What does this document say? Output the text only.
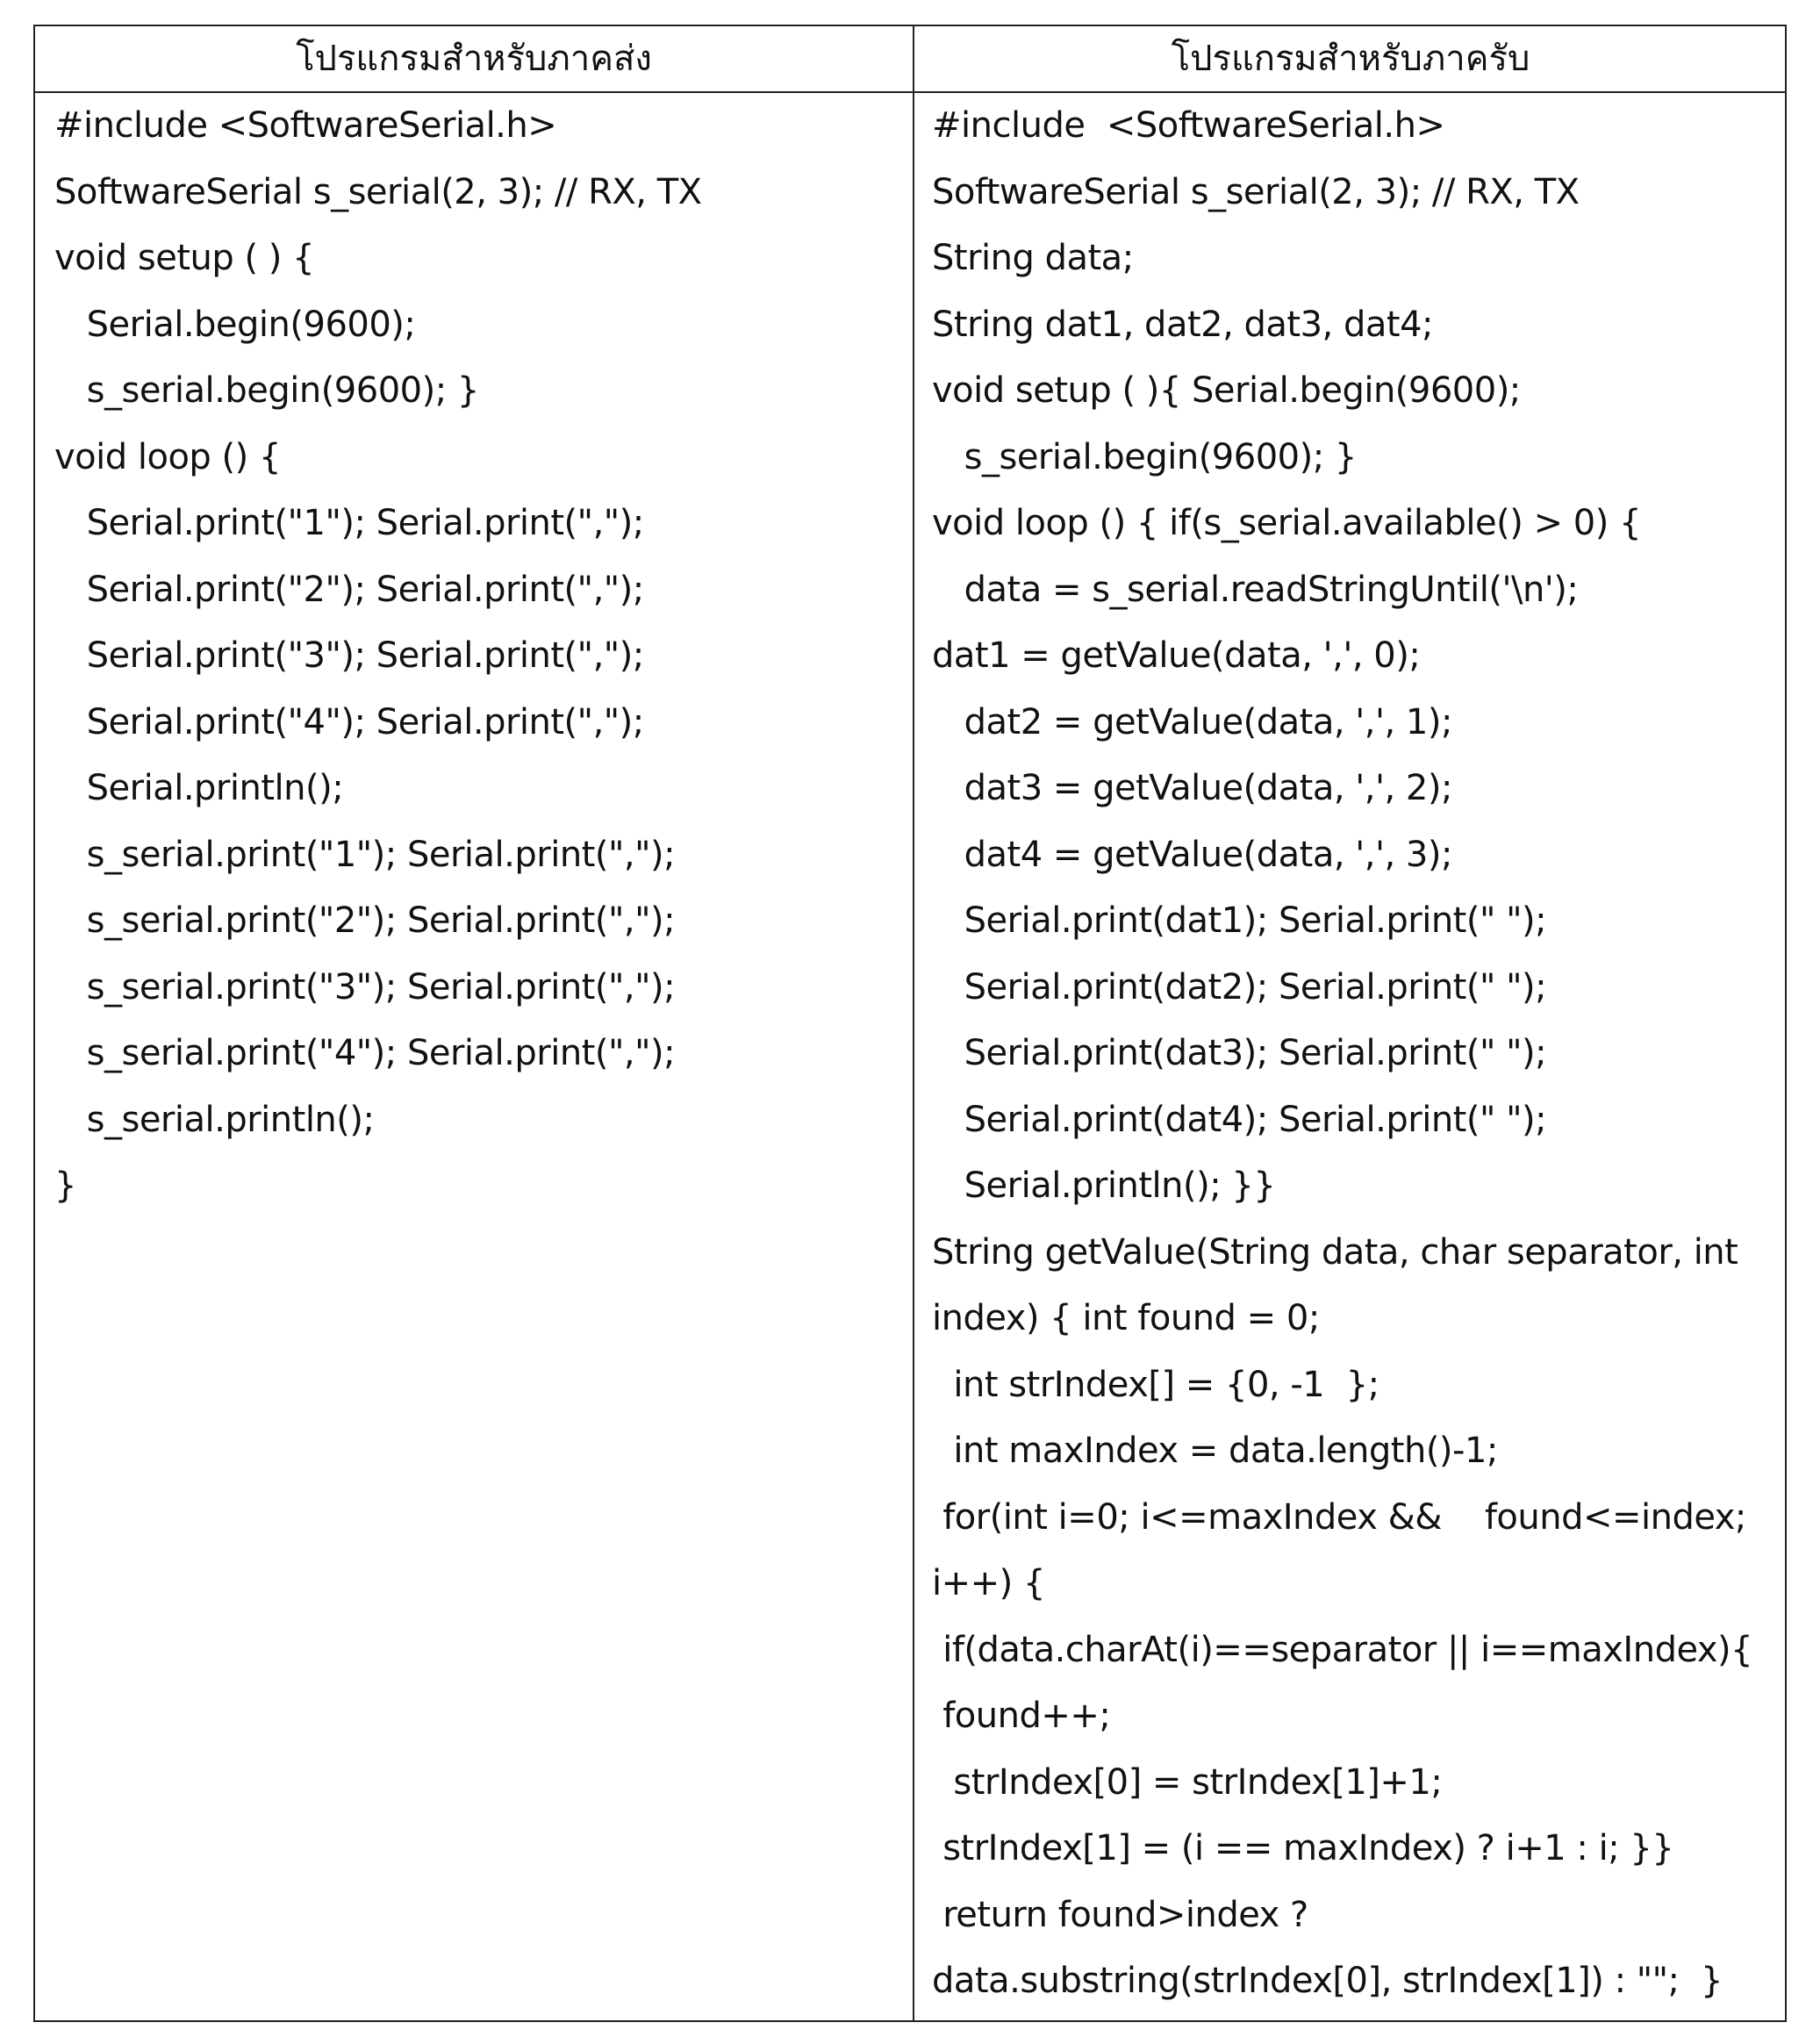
โปรแกรมสำหรับภาคส่ง	โปรแกรมสำหรับภาครับ
#include <SoftwareSerial.h>
SoftwareSerial s_serial(2, 3); // RX, TX
void setup ( ) {
Serial.begin(9600);
s_serial.begin(9600); }
void loop () {
Serial.print("1"); Serial.print(",");
Serial.print("2"); Serial.print(",");
Serial.print("3"); Serial.print(",");
Serial.print("4"); Serial.print(",");
Serial.println();
s_serial.print("1"); Serial.print(",");
s_serial.print("2"); Serial.print(",");
s_serial.print("3"); Serial.print(",");
s_serial.print("4"); Serial.print(",");
s_serial.println();
}
#include  <SoftwareSerial.h>
SoftwareSerial s_serial(2, 3); // RX, TX
String data;
String dat1, dat2, dat3, dat4;
void setup ( ){ Serial.begin(9600);
s_serial.begin(9600); }
void loop () { if(s_serial.available() > 0) {
data = s_serial.readStringUntil('\n');
dat1 = getValue(data, ',', 0);
dat2 = getValue(data, ',', 1);
dat3 = getValue(data, ',', 2);
dat4 = getValue(data, ',', 3);
Serial.print(dat1); Serial.print(" ");
Serial.print(dat2); Serial.print(" ");
Serial.print(dat3); Serial.print(" ");
Serial.print(dat4); Serial.print(" ");
Serial.println(); }}
String getValue(String data, char separator, int
index) { int found = 0;
int strIndex[] = {0, -1  };
int maxIndex = data.length()-1;
for(int i=0; i<=maxIndex &&    found<=index;
i++) {
if(data.charAt(i)==separator || i==maxIndex){
found++;
strIndex[0] = strIndex[1]+1;
strIndex[1] = (i == maxIndex) ? i+1 : i; }}
return found>index ?
data.substring(strIndex[0], strIndex[1]) : "";  }
